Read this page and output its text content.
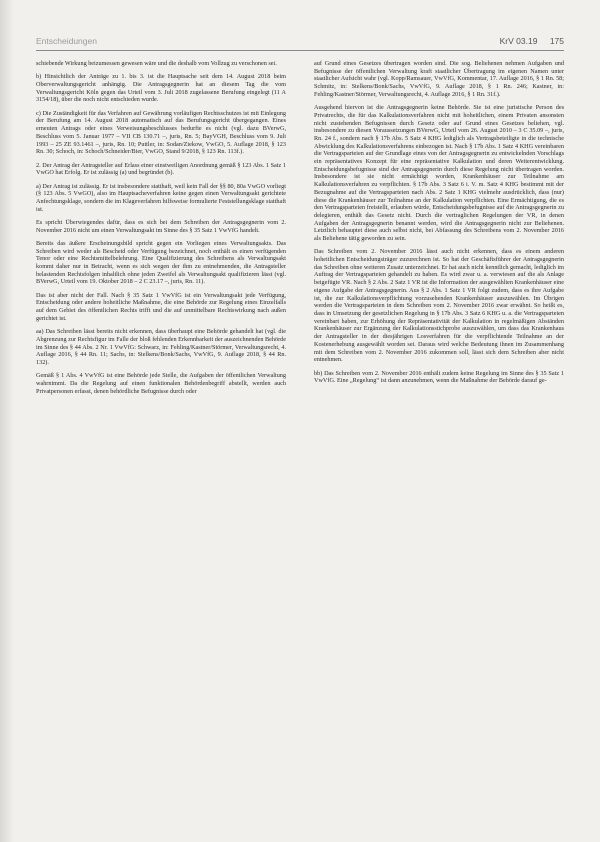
Entscheidungen	KrV 03.19 175

schiebende Wirkung beizumessen gewesen wäre und die deshalb vom Vollzug zu verschonen sei.

b) Hinsichtlich der Anträge zu 1. bis 3. ist die Hauptsache seit dem 14. August 2018 beim Oberverwaltungsgericht anhängig. Die Antragsgegnerin hat an diesem Tag die vom Verwaltungsgericht Köln gegen das Urteil vom 3. Juli 2018 zugelassene Berufung eingelegt (11 A 3154/18), über die noch nicht entschieden wurde.

c) Die Zuständigkeit für das Verfahren auf Gewährung vorläufigen Rechtsschutzes ist mit Einlegung der Berufung am 14. August 2018 automatisch auf das Berufungsgericht übergegangen. Eines erneuten Antrags oder eines Verweisungsbeschlusses bedurfte es nicht (vgl. dazu BVerwG, Beschluss vom 5. Januar 1977 – VII CB 130.71 –, juris, Rn. 5; BayVGH, Beschluss vom 9. Juli 1993 – 25 ZE 93.1461 –, juris, Rn. 10; Puttler, in: Sodan/Ziekow, VwGO, 5. Auflage 2018, § 123 Rn. 30; Schoch, in: Schoch/Schneider/Bier, VwGO, Stand 9/2018, § 123 Rn. 113f.).

2. Der Antrag der Antragsteller auf Erlass einer einstweiligen Anordnung gemäß § 123 Abs. 1 Satz 1 VwGO hat Erfolg. Er ist zulässig (a) und begründet (b).

a) Der Antrag ist zulässig. Er ist insbesondere statthaft, weil kein Fall der §§ 80, 80a VwGO vorliegt (§ 123 Abs. 5 VwGO), also im Hauptsacheverfahren keine gegen einen Verwaltungsakt gerichtete Anfechtungsklage, sondern die im Klageverfahren hilfsweise formulierte Feststellungsklage statthaft ist.

Es spricht Überwiegendes dafür, dass es sich bei dem Schreiben der Antragsgegnerin vom 2. November 2016 nicht um einen Verwaltungsakt im Sinne des § 35 Satz 1 VwVfG handelt.

Bereits das äußere Erscheinungsbild spricht gegen ein Vorliegen eines Verwaltungsakts. Das Schreiben wird weder als Bescheid oder Verfügung bezeichnet, noch enthält es einen verfügenden Tenor oder eine Rechtsmittelbelehrung. Eine Qualifizierung des Schreibens als Verwaltungsakt kommt daher nur in Betracht, wenn es sich wegen der ihm zu entnehmenden, die Antragsteller belastenden Rechtsfolgen inhaltlich ohne jeden Zweifel als Verwaltungsakt qualifizieren lässt (vgl. BVerwG, Urteil vom 19. Oktober 2018 – 2 C 23.17 –, juris, Rn. 11).

Das ist aber nicht der Fall. Nach § 35 Satz 1 VwVfG ist ein Verwaltungsakt jede Verfügung, Entscheidung oder andere hoheitliche Maßnahme, die eine Behörde zur Regelung eines Einzelfalls auf dem Gebiet des öffentlichen Rechts trifft und die auf unmittelbare Rechtswirkung nach außen gerichtet ist.

aa) Das Schreiben lässt bereits nicht erkennen, dass überhaupt eine Behörde gehandelt hat (vgl. die Abgrenzung zur Rechtsfigur im Falle der bloß fehlenden Erkennbarkeit der auszeichnenden Behörde im Sinne des § 44 Abs. 2 Nr. 1 VwVfG: Schwarz, in: Fehling/Kastner/Störmer, Verwaltungsrecht, 4. Auflage 2016, § 44 Rn. 11; Sachs, in: Stelkens/Bonk/Sachs, VwVfG, 9. Auflage 2018, § 44 Rn. 132).

Gemäß § 1 Abs. 4 VwVfG ist eine Behörde jede Stelle, die Aufgaben der öffentlichen Verwaltung wahrnimmt. Da die Regelung auf einen funktionalen Behördenbegriff abstellt, werden auch Privatpersonen erfasst, denen behördliche Befugnisse durch oder

auf Grund eines Gesetzes übertragen worden sind. Die sog. Beliehenen nehmen Aufgaben und Befugnisse der öffentlichen Verwaltung kraft staatlicher Übertragung im eigenen Namen unter staatlicher Aufsicht wahr (vgl. Kopp/Ramsauer, VwVfG, Kommentar, 17. Auflage 2016, § 1 Rn. 58; Schmitz, in: Stelkens/Bonk/Sachs, VwVfG, 9. Auflage 2018, § 1 Rn. 246; Kastner, in: Fehling/Kastner/Störmer, Verwaltungsrecht, 4. Auflage 2016, § 1 Rn. 31f.).

Ausgehend hiervon ist die Antragsgegnerin keine Behörde. Sie ist eine juristische Person des Privatrechts, die für das Kalkulationsverfahren nicht mit hoheitlichen, einem Privaten ansonsten nicht zustehenden Befugnissen durch Gesetz oder auf Grund eines Gesetzes beliehen, vgl. insbesondere zu diesen Voraussetzungen BVerwG, Urteil vom 26. August 2010 – 3 C 35.09 –, juris, Rn. 24 f., sondern nach § 17b Abs. 5 Satz 4 KHG lediglich als Vertragsbeteiligte in die technische Abwicklung des Kalkulationsverfahrens einbezogen ist. Nach § 17b Abs. 1 Satz 4 KHG vereinbaren die Vertragsparteien auf der Grundlage eines von der Antragsgegnerin zu entwickelnden Vorschlags ein repräsentatives Konzept für eine repräsentative Kalkulation und deren Weiterentwicklung. Entscheidungsbefugnisse sind der Antragsgegnerin durch diese Regelung nicht übertragen worden. Insbesondere ist sie nicht ermächtigt worden, Krankenhäuser zur Teilnahme am Kalkulationsverfahren zu verpflichten. § 17b Abs. 3 Satz 6 i. V. m. Satz 4 KHG bestimmt mit der Bezugnahme auf die Vertragsparteien nach Abs. 2 Satz 1 KHG vielmehr ausdrücklich, dass (nur) diese die Krankenhäuser zur Teilnahme an der Kalkulation verpflichten. Eine Ermächtigung, die es den Vertragsparteien freistellt, erlauben würde, Entscheidungsbefugnisse auf die Antragsgegnerin zu delegieren, enthält das Gesetz nicht. Durch die vertraglichen Regelungen der VR, in denen Aufgaben der Antragsgegnerin benannt werden, wird die Antragsgegnerin nicht zur Beliehenen. Letztlich behauptet diese auch selbst nicht, bei Abfassung des Schreibens vom 2. November 2016 als Beliehene tätig geworden zu sein.

Das Schreiben vom 2. November 2016 lässt auch nicht erkennen, dass es einem anderen hoheitlichen Entscheidungsträger zuzurechnen ist. So hat der Geschäftsführer der Antragsgegnerin das Schreiben ohne weiteren Zusatz unterzeichnet. Er hat auch nicht kenntlich gemacht, lediglich im Auftrag der Vertragsparteien gehandelt zu haben. Es wird zwar u. a. verwiesen auf die als Anlage beigefügte VR. Nach § 2 Abs. 2 Satz 1 VR ist die Information der ausgewählten Krankenhäuser eine eigene Aufgabe der Antragsgegnerin. Aus § 2 Abs. 1 Satz 1 VR folgt zudem, dass es ihre Aufgabe ist, die zur Kalkulationsverpflichtung vorzusehenden Krankenhäuser auszuwählen. Im Übrigen werden die Vertragsparteien in dem Schreiben vom 2. November 2016 zwar erwähnt. So heißt es, dass in Umsetzung der gesetzlichen Regelung in § 17b Abs. 3 Satz 6 KHG u. a. die Vertragsparteien vereinbart haben, zur Erhöhung der Repräsentativität der Kalkulation in regelmäßigen Abständen Krankenhäuser zur Ergänzung der Kalkulationsstichprobe auszuwählen, um dass das Krankenhaus der Antragsteller in der diesjährigen Losverfahren für die verpflichtende Teilnahme an der Kostenerhebung ausgewählt worden sei. Daraus wird welche Bedeutung ihnen im Zusammenhang mit dem Schreiben vom 2. November 2016 zukommen soll, lässt sich dem Schreiben aber nicht entnehmen.

bb) Das Schreiben vom 2. November 2016 enthält zudem keine Regelung im Sinne des § 35 Satz 1 VwVfG. Eine „Regelung“ ist dann anzunehmen, wenn die Maßnahme der Behörde darauf ge-
